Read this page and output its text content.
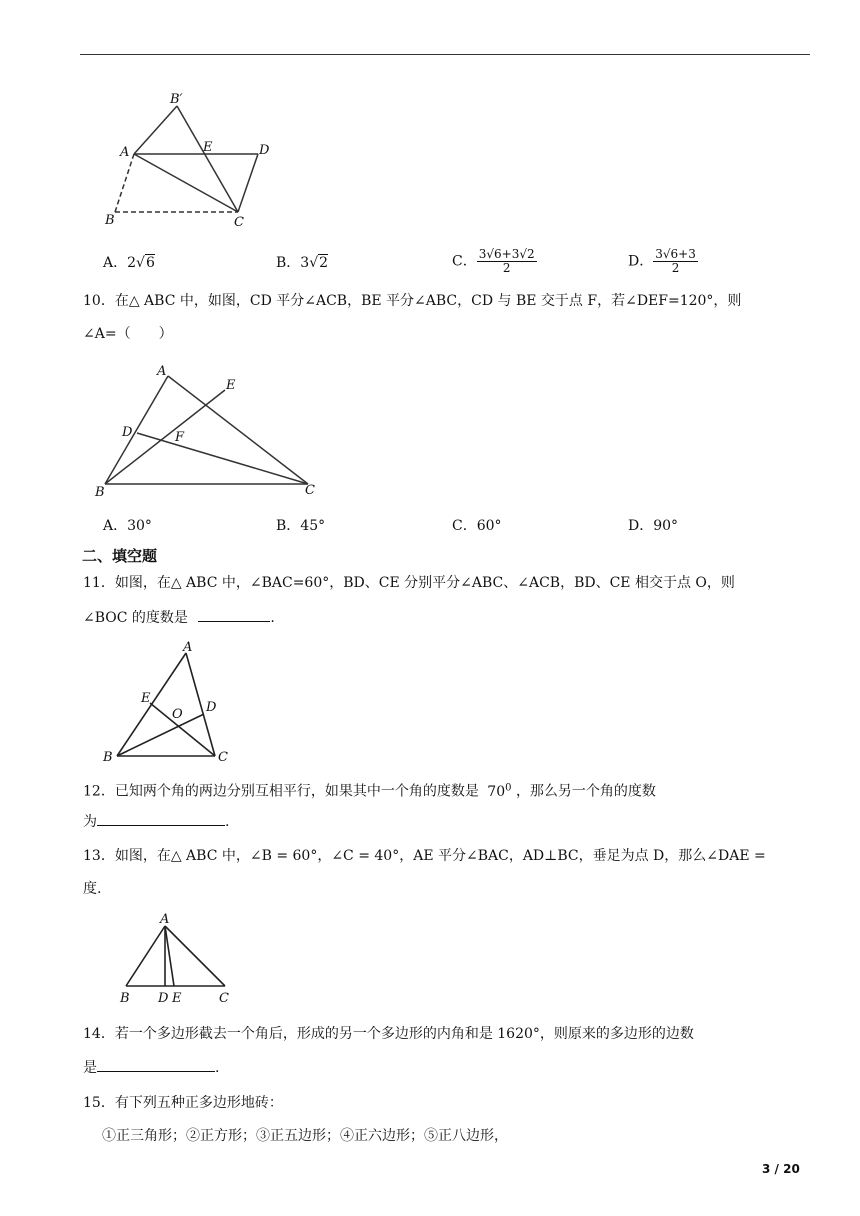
B′
A	E	D
B	C
A．2√6	B．3√2	C． $\frac{3√6+3√2}{2}$	D． $\frac{3√6+3}{2}$
10．在△ ABC 中，如图，CD 平分∠ACB，BE 平分∠ABC，CD 与 BE 交于点 F，若∠DEF=120°，则
∠A=（　　）
A
E
D	F
B	C
A．30°	B．45°	C．60°	D．90°
二、填空题
11．如图，在△ ABC 中，∠BAC=60°，BD、CE 分别平分∠ABC、∠ACB，BD、CE 相交于点 O，则
∠BOC 的度数是	.
A
E
D
O
B	C
12．已知两个角的两边分别互相平行，如果其中一个角的度数是 $70^0$ ，那么另一个角的度数
为	.
13．如图，在△ ABC 中，∠B = 60°，∠C = 40°，AE 平分∠BAC，AD⊥BC，垂足为点 D，那么∠DAE =
度.
A
B D E	C
14．若一个多边形截去一个角后，形成的另一个多边形的内角和是 1620°，则原来的多边形的边数
是	.
15．有下列五种正多边形地砖：
①正三角形；②正方形；③正五边形；④正六边形；⑤正八边形，
3 / 20
